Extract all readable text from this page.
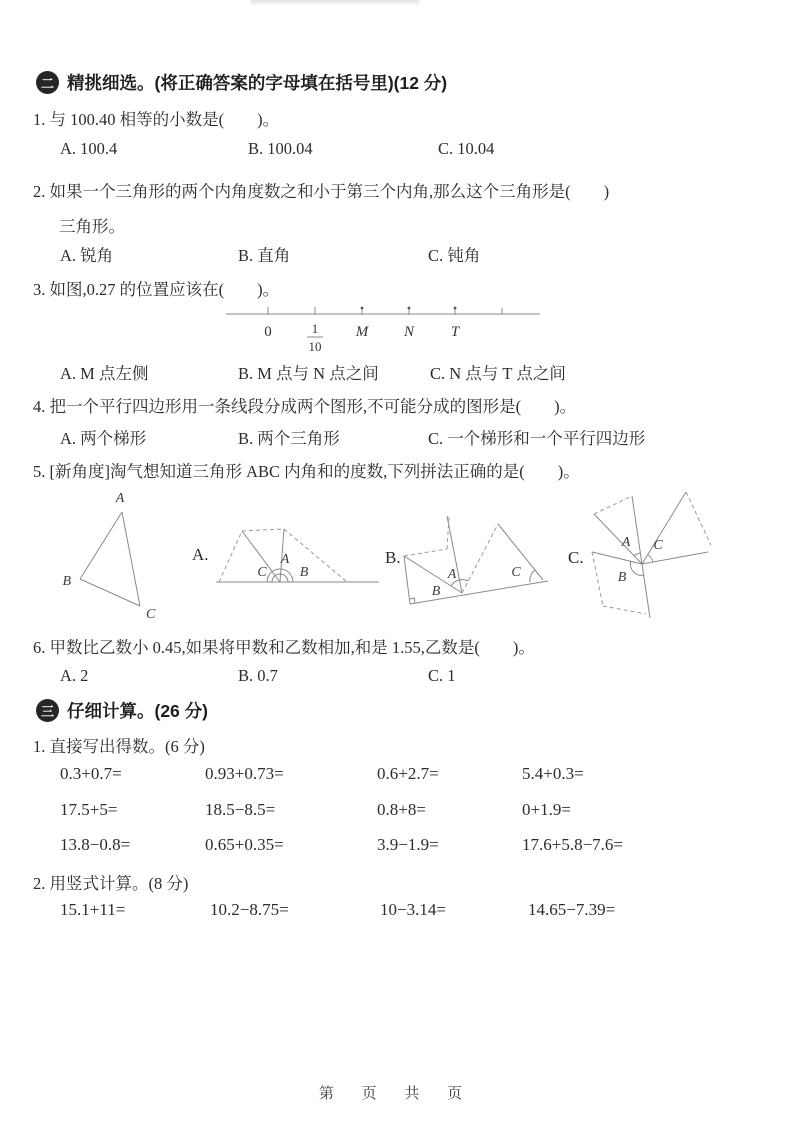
二 精挑细选。(将正确答案的字母填在括号里)(12 分)
1. 与 100.40 相等的小数是(　　)。
A. 100.4	B. 100.04	C. 10.04
2. 如果一个三角形的两个内角度数之和小于第三个内角,那么这个三角形是(　　)
三角形。
A. 锐角	B. 直角	C. 钝角
3. 如图,0.27 的位置应该在(　　)。
0	1
10
M N T
A. M 点左侧	B. M 点与 N 点之间	C. N 点与 T 点之间
4. 把一个平行四边形用一条线段分成两个图形,不可能分成的图形是(　　)。
A. 两个梯形	B. 两个三角形	C. 一个梯形和一个平行四边形
5. [新角度]淘气想知道三角形 ABC 内角和的度数,下列拼法正确的是(　　)。
A
B
C
A.
C
A
B
B.
A
B
C
C.
A C
B
6. 甲数比乙数小 0.45,如果将甲数和乙数相加,和是 1.55,乙数是(　　)。
A. 2	B. 0.7	C. 1
三 仔细计算。(26 分)
1. 直接写出得数。(6 分)
0.3+0.7=	0.93+0.73=	0.6+2.7=	5.4+0.3=
17.5+5=	18.5−8.5=	0.8+8=	0+1.9=
13.8−0.8=	0.65+0.35=	3.9−1.9=	17.6+5.8−7.6=
2. 用竖式计算。(8 分)
15.1+11=	10.2−8.75=	10−3.14=	14.65−7.39=
第 页 共 页
